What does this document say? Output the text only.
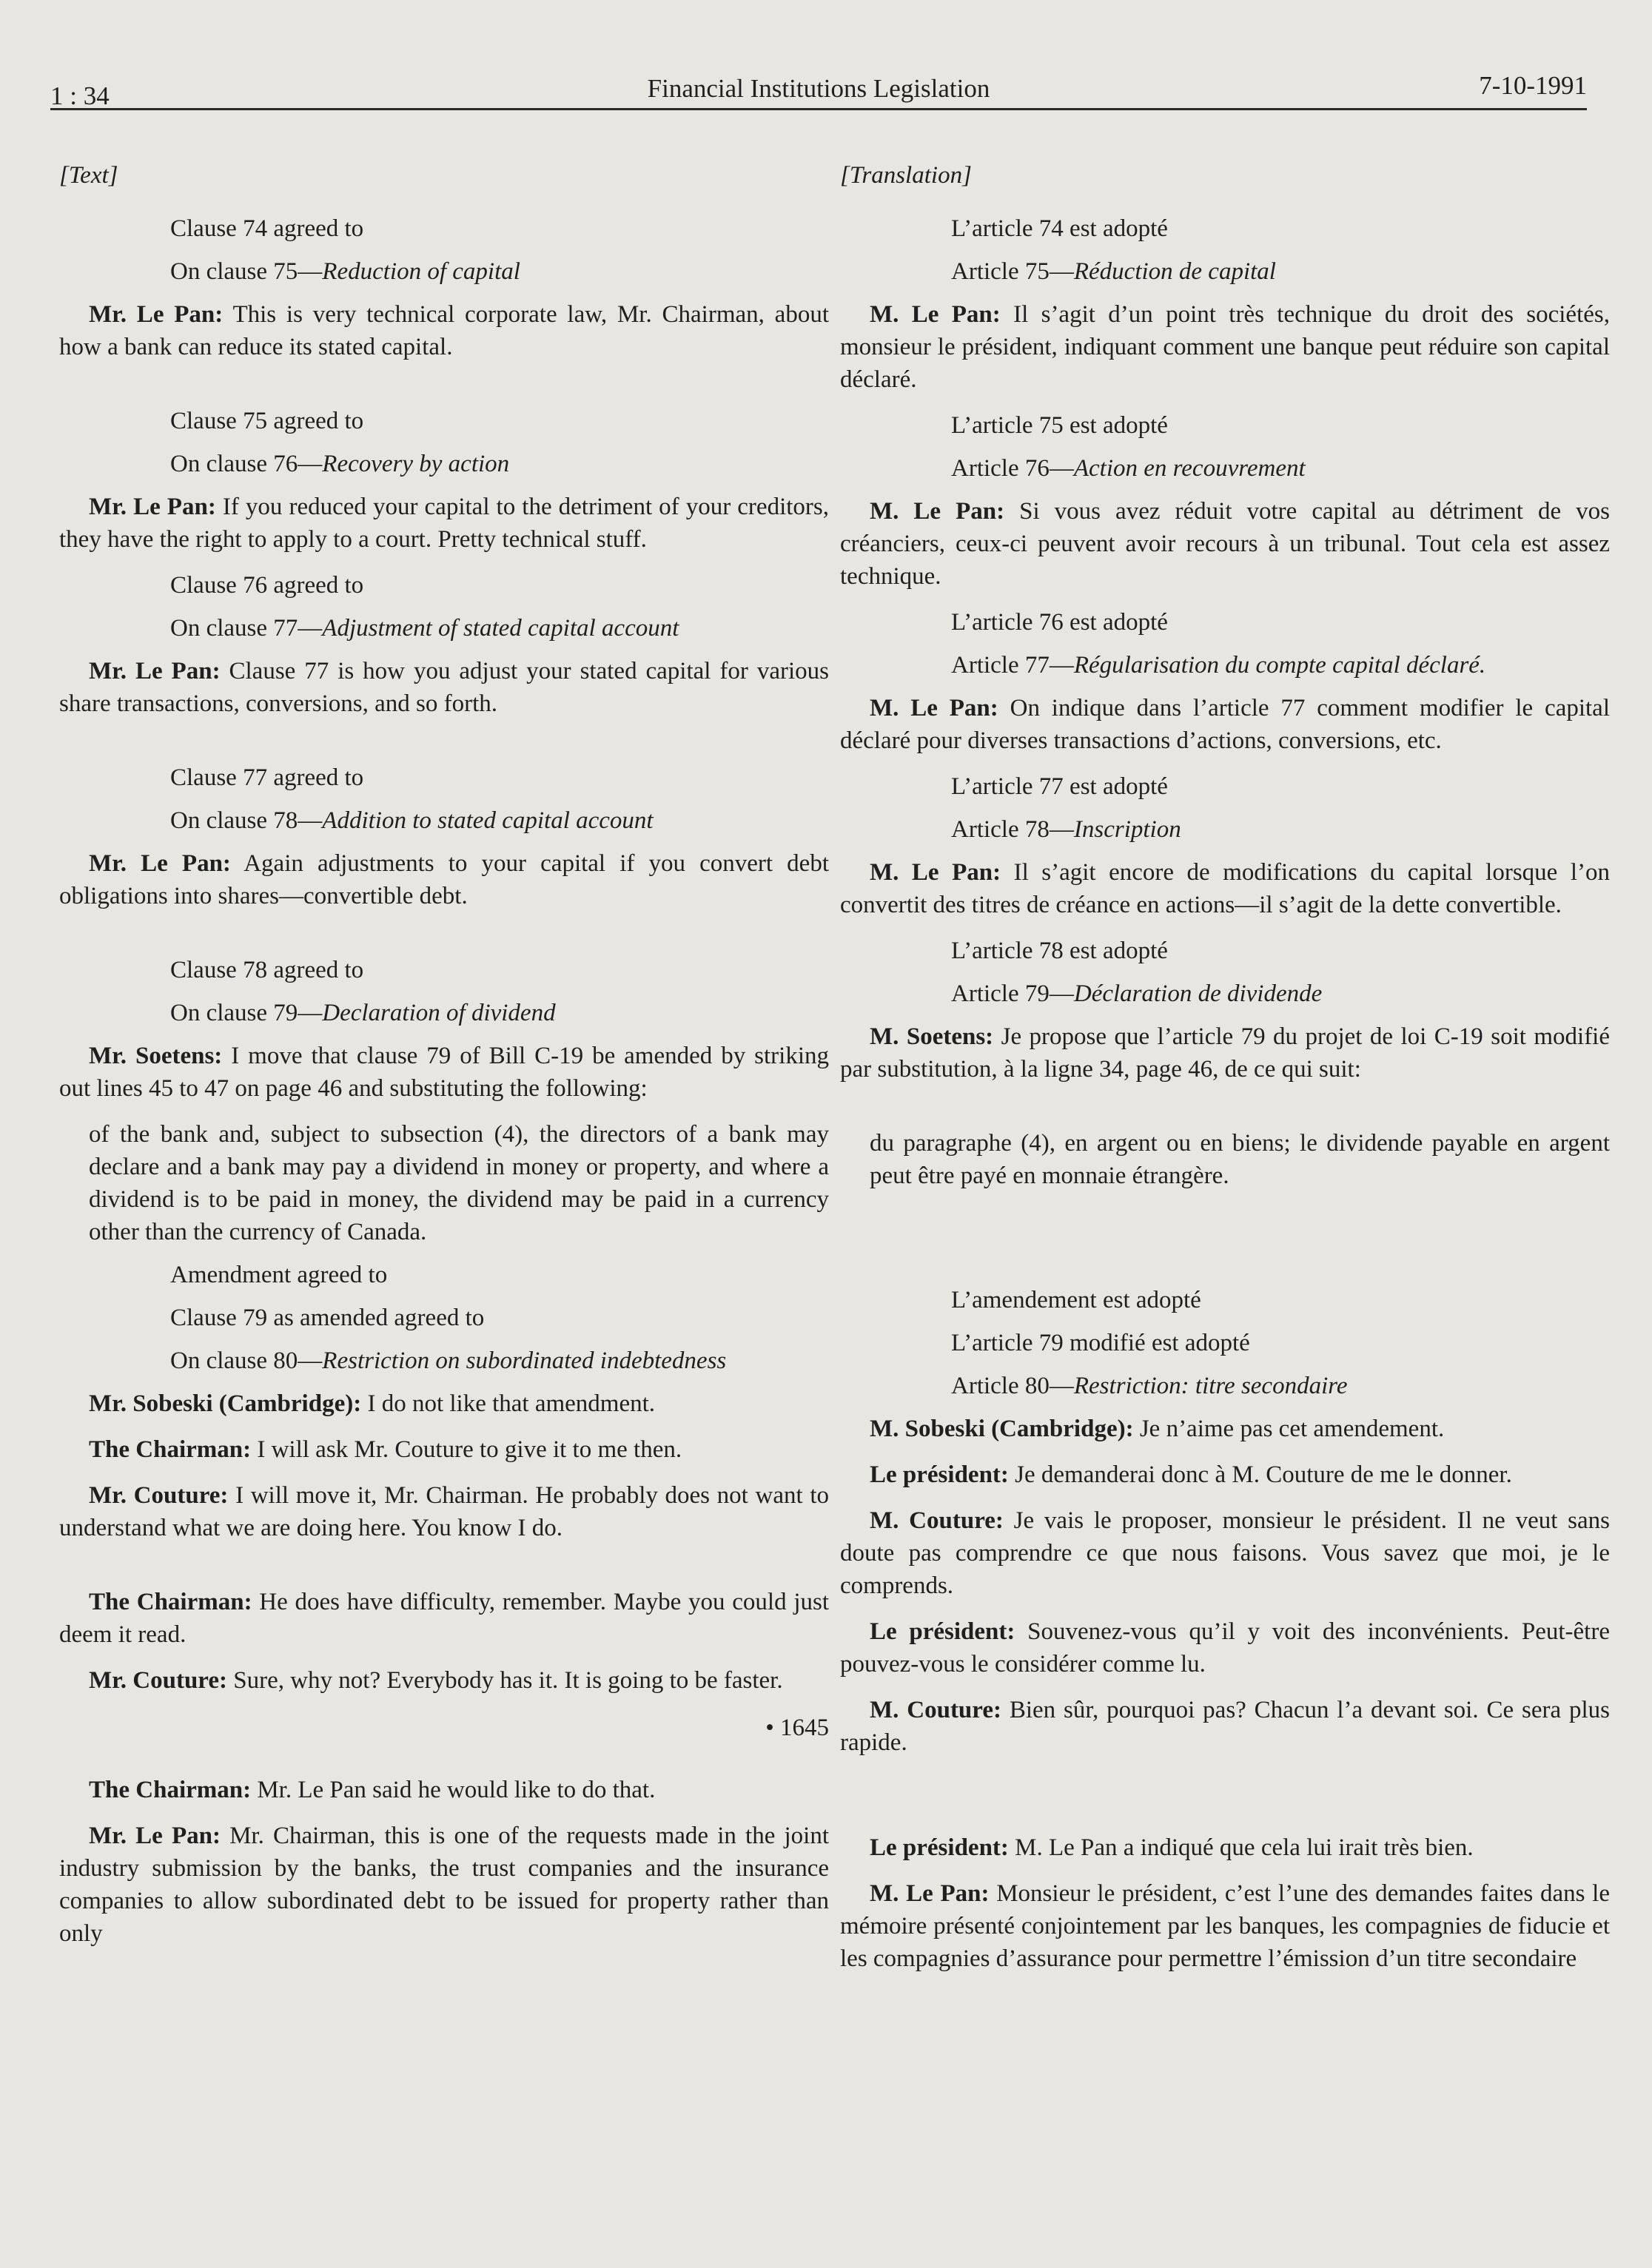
1 : 34	Financial Institutions Legislation	7-10-1991
[Text]
Clause 74 agreed to
On clause 75—Reduction of capital
Mr. Le Pan: This is very technical corporate law, Mr. Chairman, about how a bank can reduce its stated capital.
Clause 75 agreed to
On clause 76—Recovery by action
Mr. Le Pan: If you reduced your capital to the detriment of your creditors, they have the right to apply to a court. Pretty technical stuff.
Clause 76 agreed to
On clause 77—Adjustment of stated capital account
Mr. Le Pan: Clause 77 is how you adjust your stated capital for various share transactions, conversions, and so forth.
Clause 77 agreed to
On clause 78—Addition to stated capital account
Mr. Le Pan: Again adjustments to your capital if you convert debt obligations into shares—convertible debt.
Clause 78 agreed to
On clause 79—Declaration of dividend
Mr. Soetens: I move that clause 79 of Bill C-19 be amended by striking out lines 45 to 47 on page 46 and substituting the following:
of the bank and, subject to subsection (4), the directors of a bank may declare and a bank may pay a dividend in money or property, and where a dividend is to be paid in money, the dividend may be paid in a currency other than the currency of Canada.
Amendment agreed to
Clause 79 as amended agreed to
On clause 80—Restriction on subordinated indebtedness
Mr. Sobeski (Cambridge): I do not like that amendment.
The Chairman: I will ask Mr. Couture to give it to me then.
Mr. Couture: I will move it, Mr. Chairman. He probably does not want to understand what we are doing here. You know I do.
The Chairman: He does have difficulty, remember. Maybe you could just deem it read.
Mr. Couture: Sure, why not? Everybody has it. It is going to be faster.
• 1645
The Chairman: Mr. Le Pan said he would like to do that.
Mr. Le Pan: Mr. Chairman, this is one of the requests made in the joint industry submission by the banks, the trust companies and the insurance companies to allow subordinated debt to be issued for property rather than only
[Translation]
L’article 74 est adopté
Article 75—Réduction de capital
M. Le Pan: Il s’agit d’un point très technique du droit des sociétés, monsieur le président, indiquant comment une banque peut réduire son capital déclaré.
L’article 75 est adopté
Article 76—Action en recouvrement
M. Le Pan: Si vous avez réduit votre capital au détriment de vos créanciers, ceux-ci peuvent avoir recours à un tribunal. Tout cela est assez technique.
L’article 76 est adopté
Article 77—Régularisation du compte capital déclaré.
M. Le Pan: On indique dans l’article 77 comment modifier le capital déclaré pour diverses transactions d’actions, conversions, etc.
L’article 77 est adopté
Article 78—Inscription
M. Le Pan: Il s’agit encore de modifications du capital lorsque l’on convertit des titres de créance en actions—il s’agit de la dette convertible.
L’article 78 est adopté
Article 79—Déclaration de dividende
M. Soetens: Je propose que l’article 79 du projet de loi C-19 soit modifié par substitution, à la ligne 34, page 46, de ce qui suit:
du paragraphe (4), en argent ou en biens; le dividende payable en argent peut être payé en monnaie étrangère.
L’amendement est adopté
L’article 79 modifié est adopté
Article 80—Restriction: titre secondaire
M. Sobeski (Cambridge): Je n’aime pas cet amendement.
Le président: Je demanderai donc à M. Couture de me le donner.
M. Couture: Je vais le proposer, monsieur le président. Il ne veut sans doute pas comprendre ce que nous faisons. Vous savez que moi, je le comprends.
Le président: Souvenez-vous qu’il y voit des inconvénients. Peut-être pouvez-vous le considérer comme lu.
M. Couture: Bien sûr, pourquoi pas? Chacun l’a devant soi. Ce sera plus rapide.
Le président: M. Le Pan a indiqué que cela lui irait très bien.
M. Le Pan: Monsieur le président, c’est l’une des demandes faites dans le mémoire présenté conjointement par les banques, les compagnies de fiducie et les compagnies d’assurance pour permettre l’émission d’un titre secondaire
